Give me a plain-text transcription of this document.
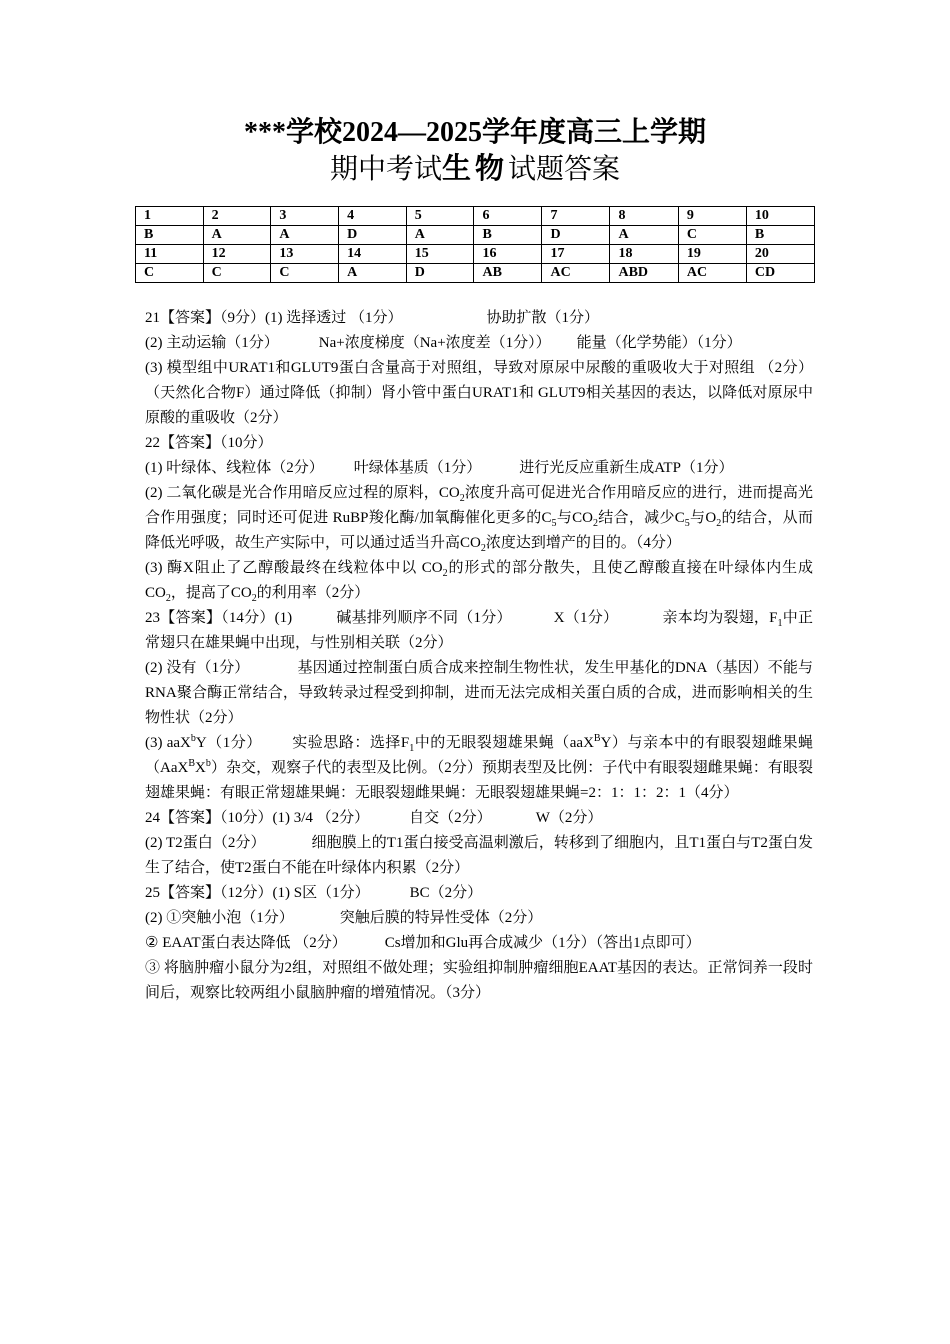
***学校2024—2025学年度高三上学期
期中考试生物试题答案
1	2	3	4	5	6	7	8	9	10
B	A	A	D	A	B	D	A	C	B
11	12	13	14	15	16	17	18	19	20
C	C	C	A	D	AB	AC	ABD	AC	CD

21【答案】（9分）(1) 选择透过 （1分）	协助扩散（1分）

(2) 主动运输（1分）	Na+浓度梯度（Na+浓度差（1分）） 能量（化学势能）（1分）

(3) 模型组中URAT1和GLUT9蛋白含量高于对照组，导致对原尿中尿酸的重吸收大于对照组 （2分） （天然化合物F）通过降低（抑制）肾小管中蛋白URAT1和 GLUT9相关基因的表达，以降低对原尿中原酸的重吸收（2分）

22【答案】（10分）

(1) 叶绿体、线粒体（2分） 叶绿体基质（1分）	进行光反应重新生成ATP（1分）

(2) 二氧化碳是光合作用暗反应过程的原料，$CO_2$浓度升高可促进光合作用暗反应的进行，进而提高光合作用强度；同时还可促进 RuBP羧化酶/加氧酶催化更多的$C_5$与$CO_2$结合，减少$C_5$与$O_2$的结合，从而降低光呼吸，故生产实际中，可以通过适当升高$CO_2$浓度达到增产的目的。（4分）

(3) 酶X阻止了乙醇酸最终在线粒体中以 $CO_2$的形式的部分散失，且使乙醇酸直接在叶绿体内生成$CO_2$，提高了$CO_2$的利用率（2分）

23【答案】（14分）(1)	碱基排列顺序不同（1分）	X（1分）	亲本均为裂翅，$F_1$中正常翅只在雄果蝇中出现，与性别相关联（2分）

(2) 没有（1分）	基因通过控制蛋白质合成来控制生物性状，发生甲基化的DNA（基因）不能与RNA聚合酶正常结合，导致转录过程受到抑制，进而无法完成相关蛋白质的合成，进而影响相关的生物性状（2分）

(3) aaX$^b$Y（1分） 实验思路：选择$F_1$中的无眼裂翅雄果蝇（aaX$^B$Y）与亲本中的有眼裂翅雌果蝇$(AaX^BX^b)$杂交，观察子代的表型及比例。（2分）预期表型及比例：子代中有眼裂翅雌果蝇：有眼裂翅雄果蝇：有眼正常翅雄果蝇：无眼裂翅雌果蝇：无眼裂翅雄果蝇=2：1：1：2：1（4分）

24【答案】（10分）(1) 3/4 （2分）	自交（2分）	W（2分）

(2) T2蛋白（2分）	细胞膜上的T1蛋白接受高温刺激后，转移到了细胞内，且T1蛋白与T2蛋白发生了结合，使T2蛋白不能在叶绿体内积累（2分）

25【答案】（12分）(1) S区（1分）	BC（2分）

(2) ①突触小泡（1分）	突触后膜的特异性受体（2分）

② EAAT蛋白表达降低 （2分）	Cs增加和Glu再合成减少（1分）（答出1点即可）

③ 将脑肿瘤小鼠分为2组，对照组不做处理；实验组抑制肿瘤细胞EAAT基因的表达。正常饲养一段时间后，观察比较两组小鼠脑肿瘤的增殖情况。（3分）
